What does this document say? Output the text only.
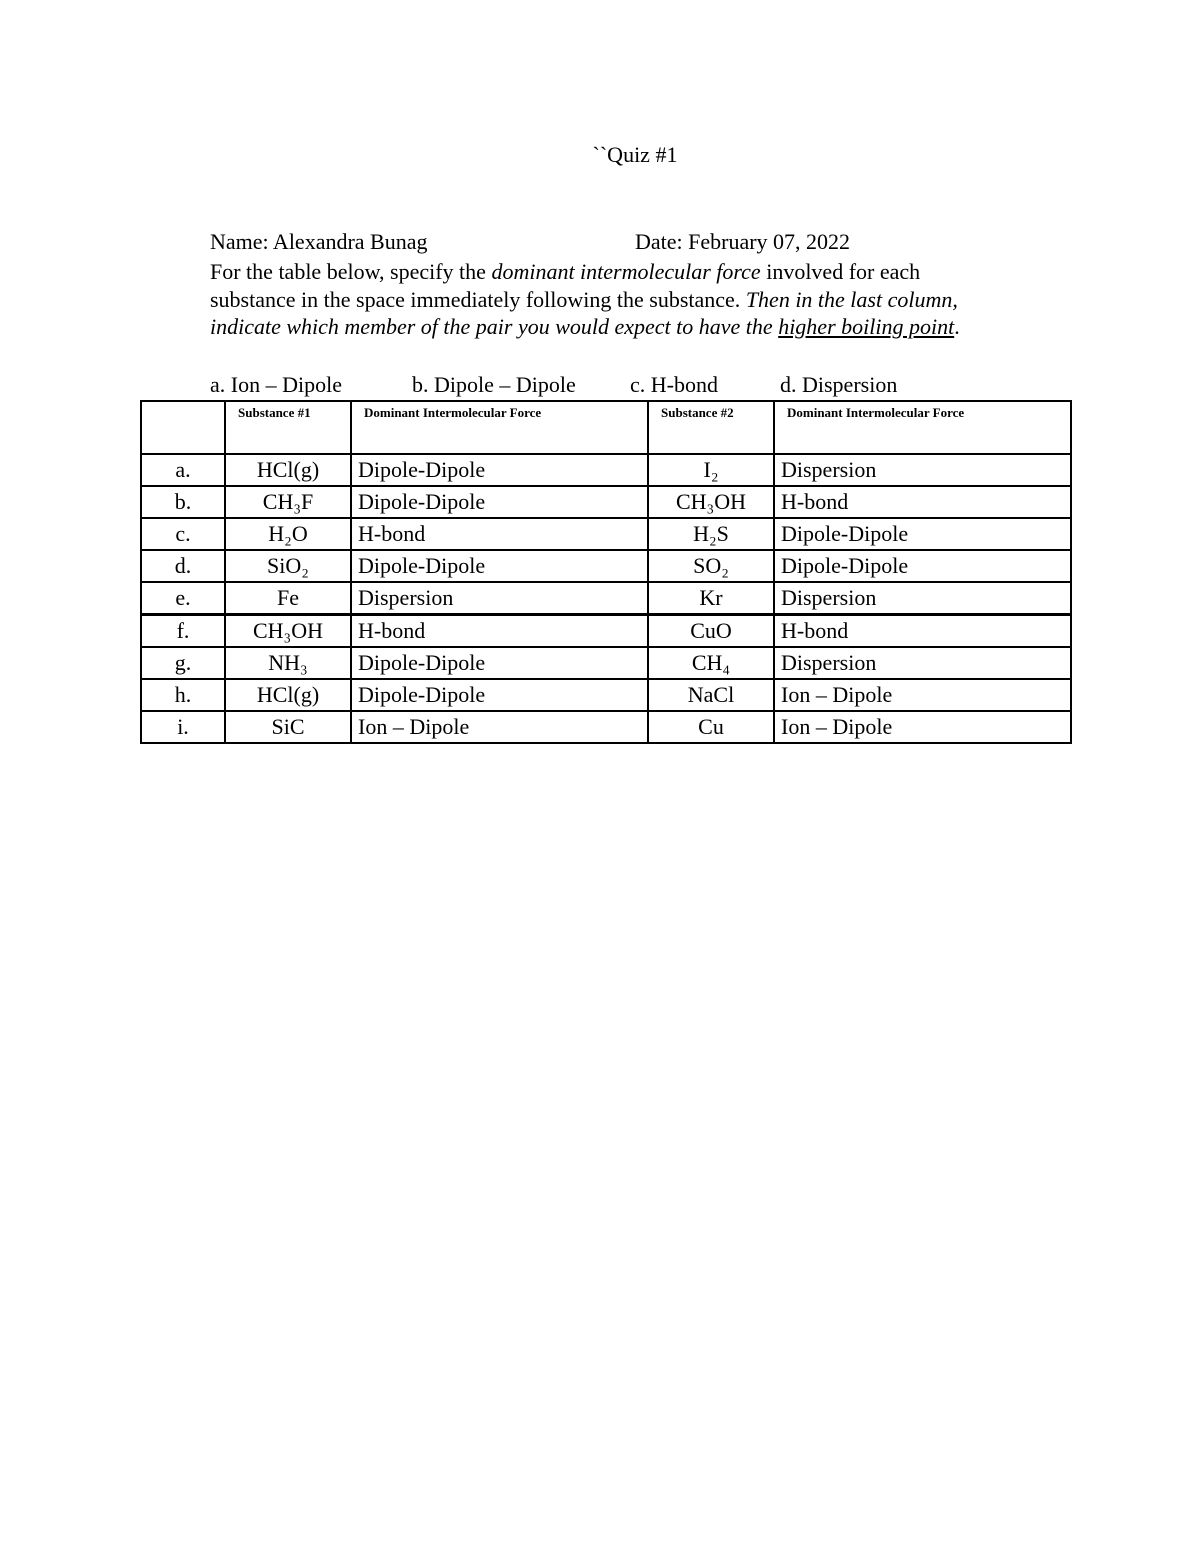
``Quiz #1
Name: Alexandra Bunag	Date: February 07, 2022
For the table below, specify the dominant intermolecular force involved for each
substance in the space immediately following the substance. Then in the last column,
indicate which member of the pair you would expect to have the higher boiling point.
a. Ion – Dipole	b. Dipole – Dipole c. H-bond	d. Dispersion
	Substance #1	Dominant Intermolecular Force	Substance #2	Dominant Intermolecular Force
a.	HCl(g)	Dipole-Dipole	I₂	Dispersion
b.	CH₃F	Dipole-Dipole	CH₃OH	H-bond
c.	H₂O	H-bond	H₂S	Dipole-Dipole
d.	SiO₂	Dipole-Dipole	SO₂	Dipole-Dipole
e.	Fe	Dispersion	Kr	Dispersion
f.	CH₃OH	H-bond	CuO	H-bond
g.	NH₃	Dipole-Dipole	CH₄	Dispersion
h.	HCl(g)	Dipole-Dipole	NaCl	Ion – Dipole
i.	SiC	Ion – Dipole	Cu	Ion – Dipole
